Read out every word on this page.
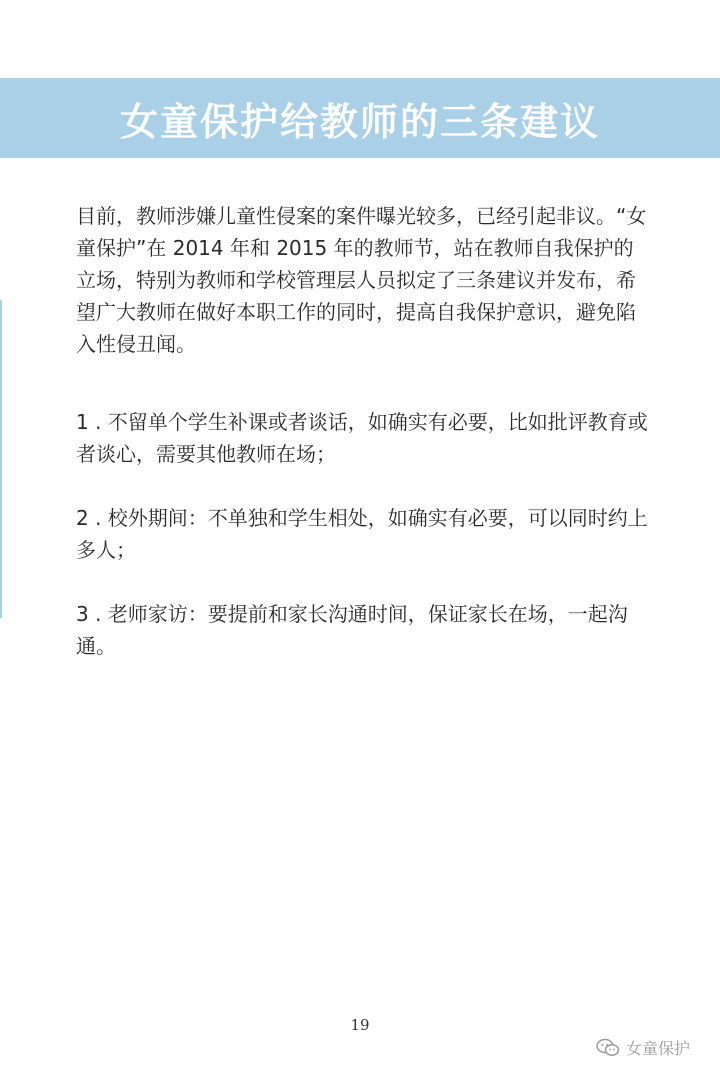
女童保护给教师的三条建议

目前，教师涉嫌儿童性侵案的案件曝光较多，已经引起非议。“女童保护”在 2014 年和 2015 年的教师节，站在教师自我保护的立场，特别为教师和学校管理层人员拟定了三条建议并发布，希望广大教师在做好本职工作的同时，提高自我保护意识，避免陷入性侵丑闻。

1 . 不留单个学生补课或者谈话，如确实有必要，比如批评教育或者谈心，需要其他教师在场；

2 . 校外期间：不单独和学生相处，如确实有必要，可以同时约上多人；

3 . 老师家访：要提前和家长沟通时间，保证家长在场，一起沟通。

19
女童保护
